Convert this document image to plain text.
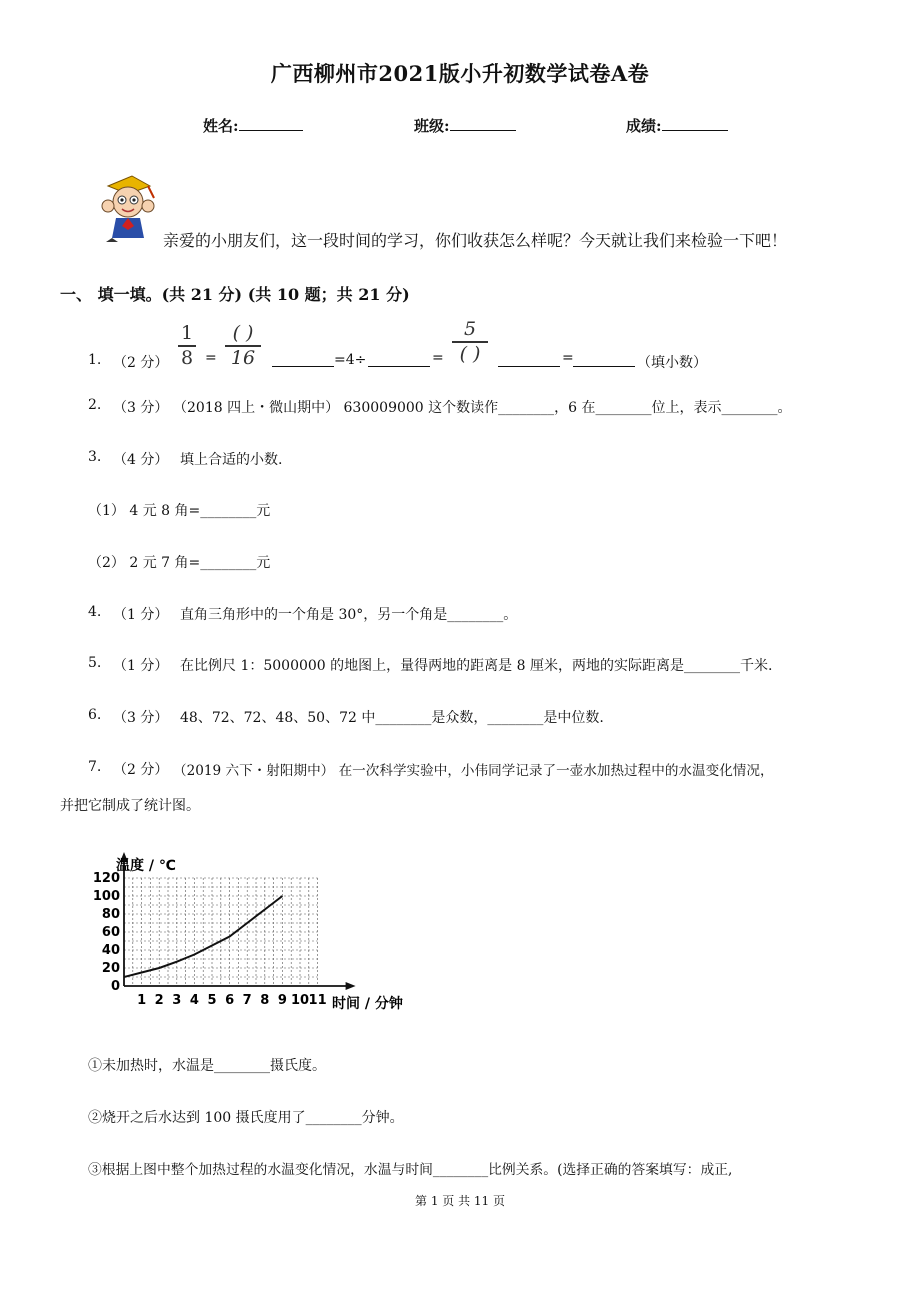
广西柳州市2021版小升初数学试卷A卷
姓名:	班级:	成绩:
亲爱的小朋友们，这一段时间的学习，你们收获怎么样呢？今天就让我们来检验一下吧！
一、 填一填。(共 21 分) (共 10 题；共 21 分)
1. （2 分）
1
8 =
( )
16	=4÷	=
5
( )	=	（填小数）
2. （3 分） （2018 四上・微山期中） 630009000 这个数读作________，6 在________位上，表示________。
3. （4 分） 填上合适的小数.
（1） 4 元 8 角=________元
（2） 2 元 7 角=________元
4. （1 分） 直角三角形中的一个角是 30°，另一个角是________。
5. （1 分） 在比例尺 1：5000000 的地图上，量得两地的距离是 8 厘米，两地的实际距离是________千米.
6. （3 分） 48、72、72、48、50、72 中________是众数，________是中位数.
7. （2 分） （2019 六下・射阳期中） 在一次科学实验中，小伟同学记录了一壶水加热过程中的水温变化情况，
并把它制成了统计图。
0
20
40
60
80
100
120
1 2 3 4 5 6 7 8 9 10 11
温度 / ℃
时间 / 分钟
①未加热时，水温是________摄氏度。
②烧开之后水达到 100 摄氏度用了________分钟。
③根据上图中整个加热过程的水温变化情况，水温与时间________比例关系。(选择正确的答案填写：成正,
第 1 页 共 11 页
